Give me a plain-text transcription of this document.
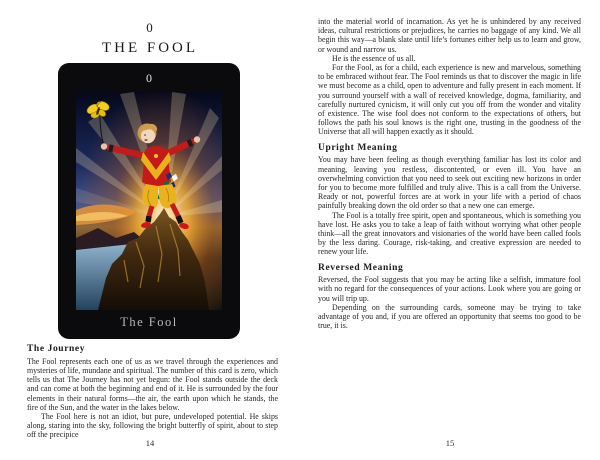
0
THE FOOL
0
The Fool
The Journey

The Fool represents each one of us as we travel through the experiences and mysteries of life, mundane and spiritual. The number of this card is zero, which tells us that The Journey has not yet begun: the Fool stands outside the deck and can come at both the beginning and end of it. He is surrounded by the four elements in their natural forms—the air, the earth upon which he stands, the fire of the Sun, and the water in the lakes below.

The Fool here is not an idiot, but pure, undeveloped potential. He skips along, staring into the sky, following the bright butterfly of spirit, about to step off the precipice

14

into the material world of incarnation. As yet he is unhindered by any received ideas, cultural restrictions or prejudices, he carries no baggage of any kind. We all begin this way—a blank slate until life’s fortunes either help us to learn and grow, or wound and narrow us.

He is the essence of us all.

For the Fool, as for a child, each experience is new and marvelous, something to be embraced without fear. The Fool reminds us that to discover the magic in life we must become as a child, open to adventure and fully present in each moment. If you surround yourself with a wall of received knowledge, dogma, familiarity, and carefully nurtured cynicism, it will only cut you off from the wonder and vitality of existence. The wise fool does not conform to the expectations of others, but follows the path his soul knows is the right one, trusting in the goodness of the Universe that all will happen exactly as it should.

Upright Meaning

You may have been feeling as though everything familiar has lost its color and meaning, leaving you restless, discontented, or even ill. You have an overwhelming conviction that you need to seek out exciting new horizons in order for you to become more fulfilled and truly alive. This is a call from the Universe. Ready or not, powerful forces are at work in your life with a period of chaos painfully breaking down the old order so that a new one can emerge.

The Fool is a totally free spirit, open and spontaneous, which is something you have lost. He asks you to take a leap of faith without worrying what other people think—all the great innovators and visionaries of the world have been called fools by the less daring. Courage, risk-taking, and creative expression are needed to renew your life.

Reversed Meaning

Reversed, the Fool suggests that you may be acting like a selfish, immature fool with no regard for the consequences of your actions. Look where you are going or you will trip up.

Depending on the surrounding cards, someone may be trying to take advantage of you and, if you are offered an opportunity that seems too good to be true, it is.

15
